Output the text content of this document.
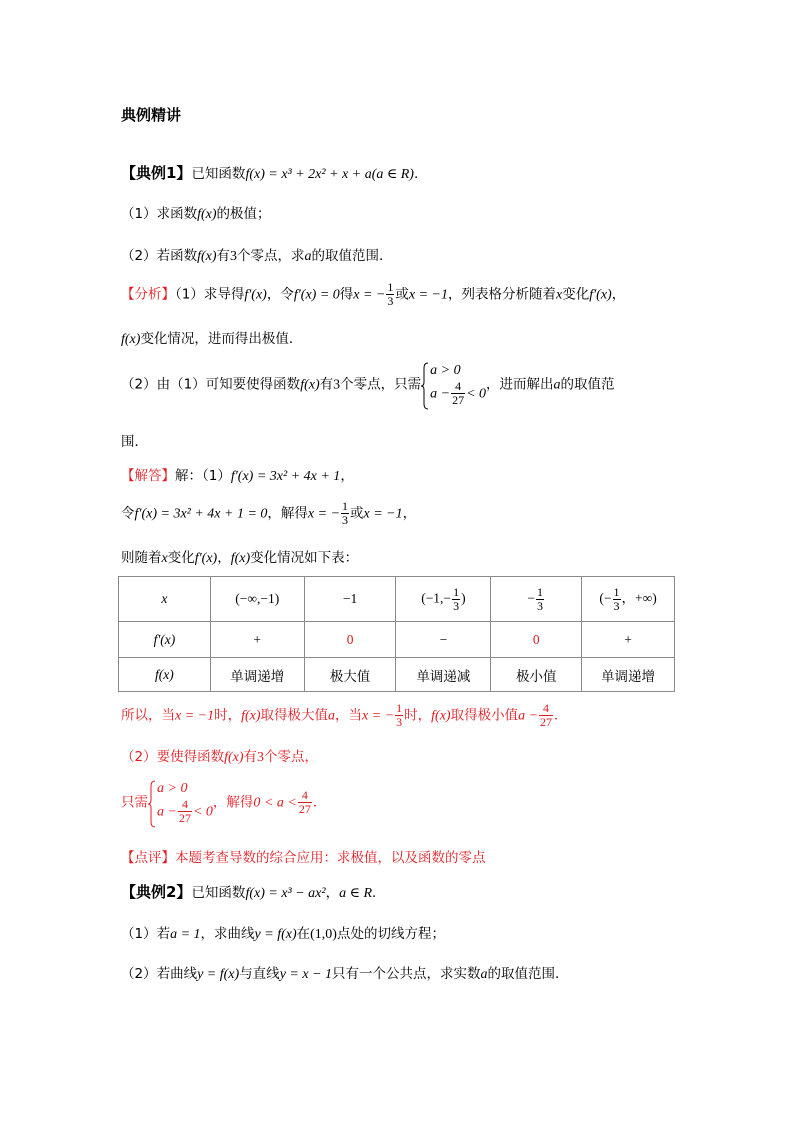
典例精讲
【典例1】已知函数f(x) = x³ + 2x² + x + a(a ∈ R).
（1）求函数f(x)的极值；
（2）若函数f(x)有3个零点，求a的取值范围．
【分析】（1）求导得f′(x)，令f′(x) = 0得x = − $\frac{1}{3}$ 或x = −1，列表格分析随着x变化f′(x)，
f(x)变化情况，进而得出极值．
（2）由（1）可知要使得函数f(x)有3个零点，只需
a > 0
$a - \frac{4}{27} < 0$
，进而解出a的取值范
围．
【解答】解：（1）f′(x) = 3x² + 4x + 1，
令f′(x) = 3x² + 4x + 1 = 0，解得x = − $\frac{1}{3}$ 或x = −1，
则随着x变化f′(x)，f(x)变化情况如下表：
x	(−∞,−1)	−1	($-1,- \frac{1}{3}$ )	− $\frac{1}{3}$	(− $\frac{1}{3}$ ，+∞)
f′(x)	+	0	−	0	+
f(x)	单调递增	极大值	单调递减	极小值	单调递增
所以，当x = −1时，f(x)取得极大值a，当x = − $\frac{1}{3}$ 时，f(x)取得极小值$a - \frac{4}{27}$ ．
（2）要使得函数f(x)有3个零点，
只需
a > 0
$a - \frac{4}{27} < 0$
，解得$0 < a < \frac{4}{27}$ ．
【点评】本题考查导数的综合应用：求极值，以及函数的零点
【典例2】已知函数f(x) = x³ − ax²，a ∈ R．
（1）若a = 1，求曲线y = f(x)在(1,0)点处的切线方程；
（2）若曲线y = f(x)与直线y = x − 1只有一个公共点，求实数a的取值范围．
